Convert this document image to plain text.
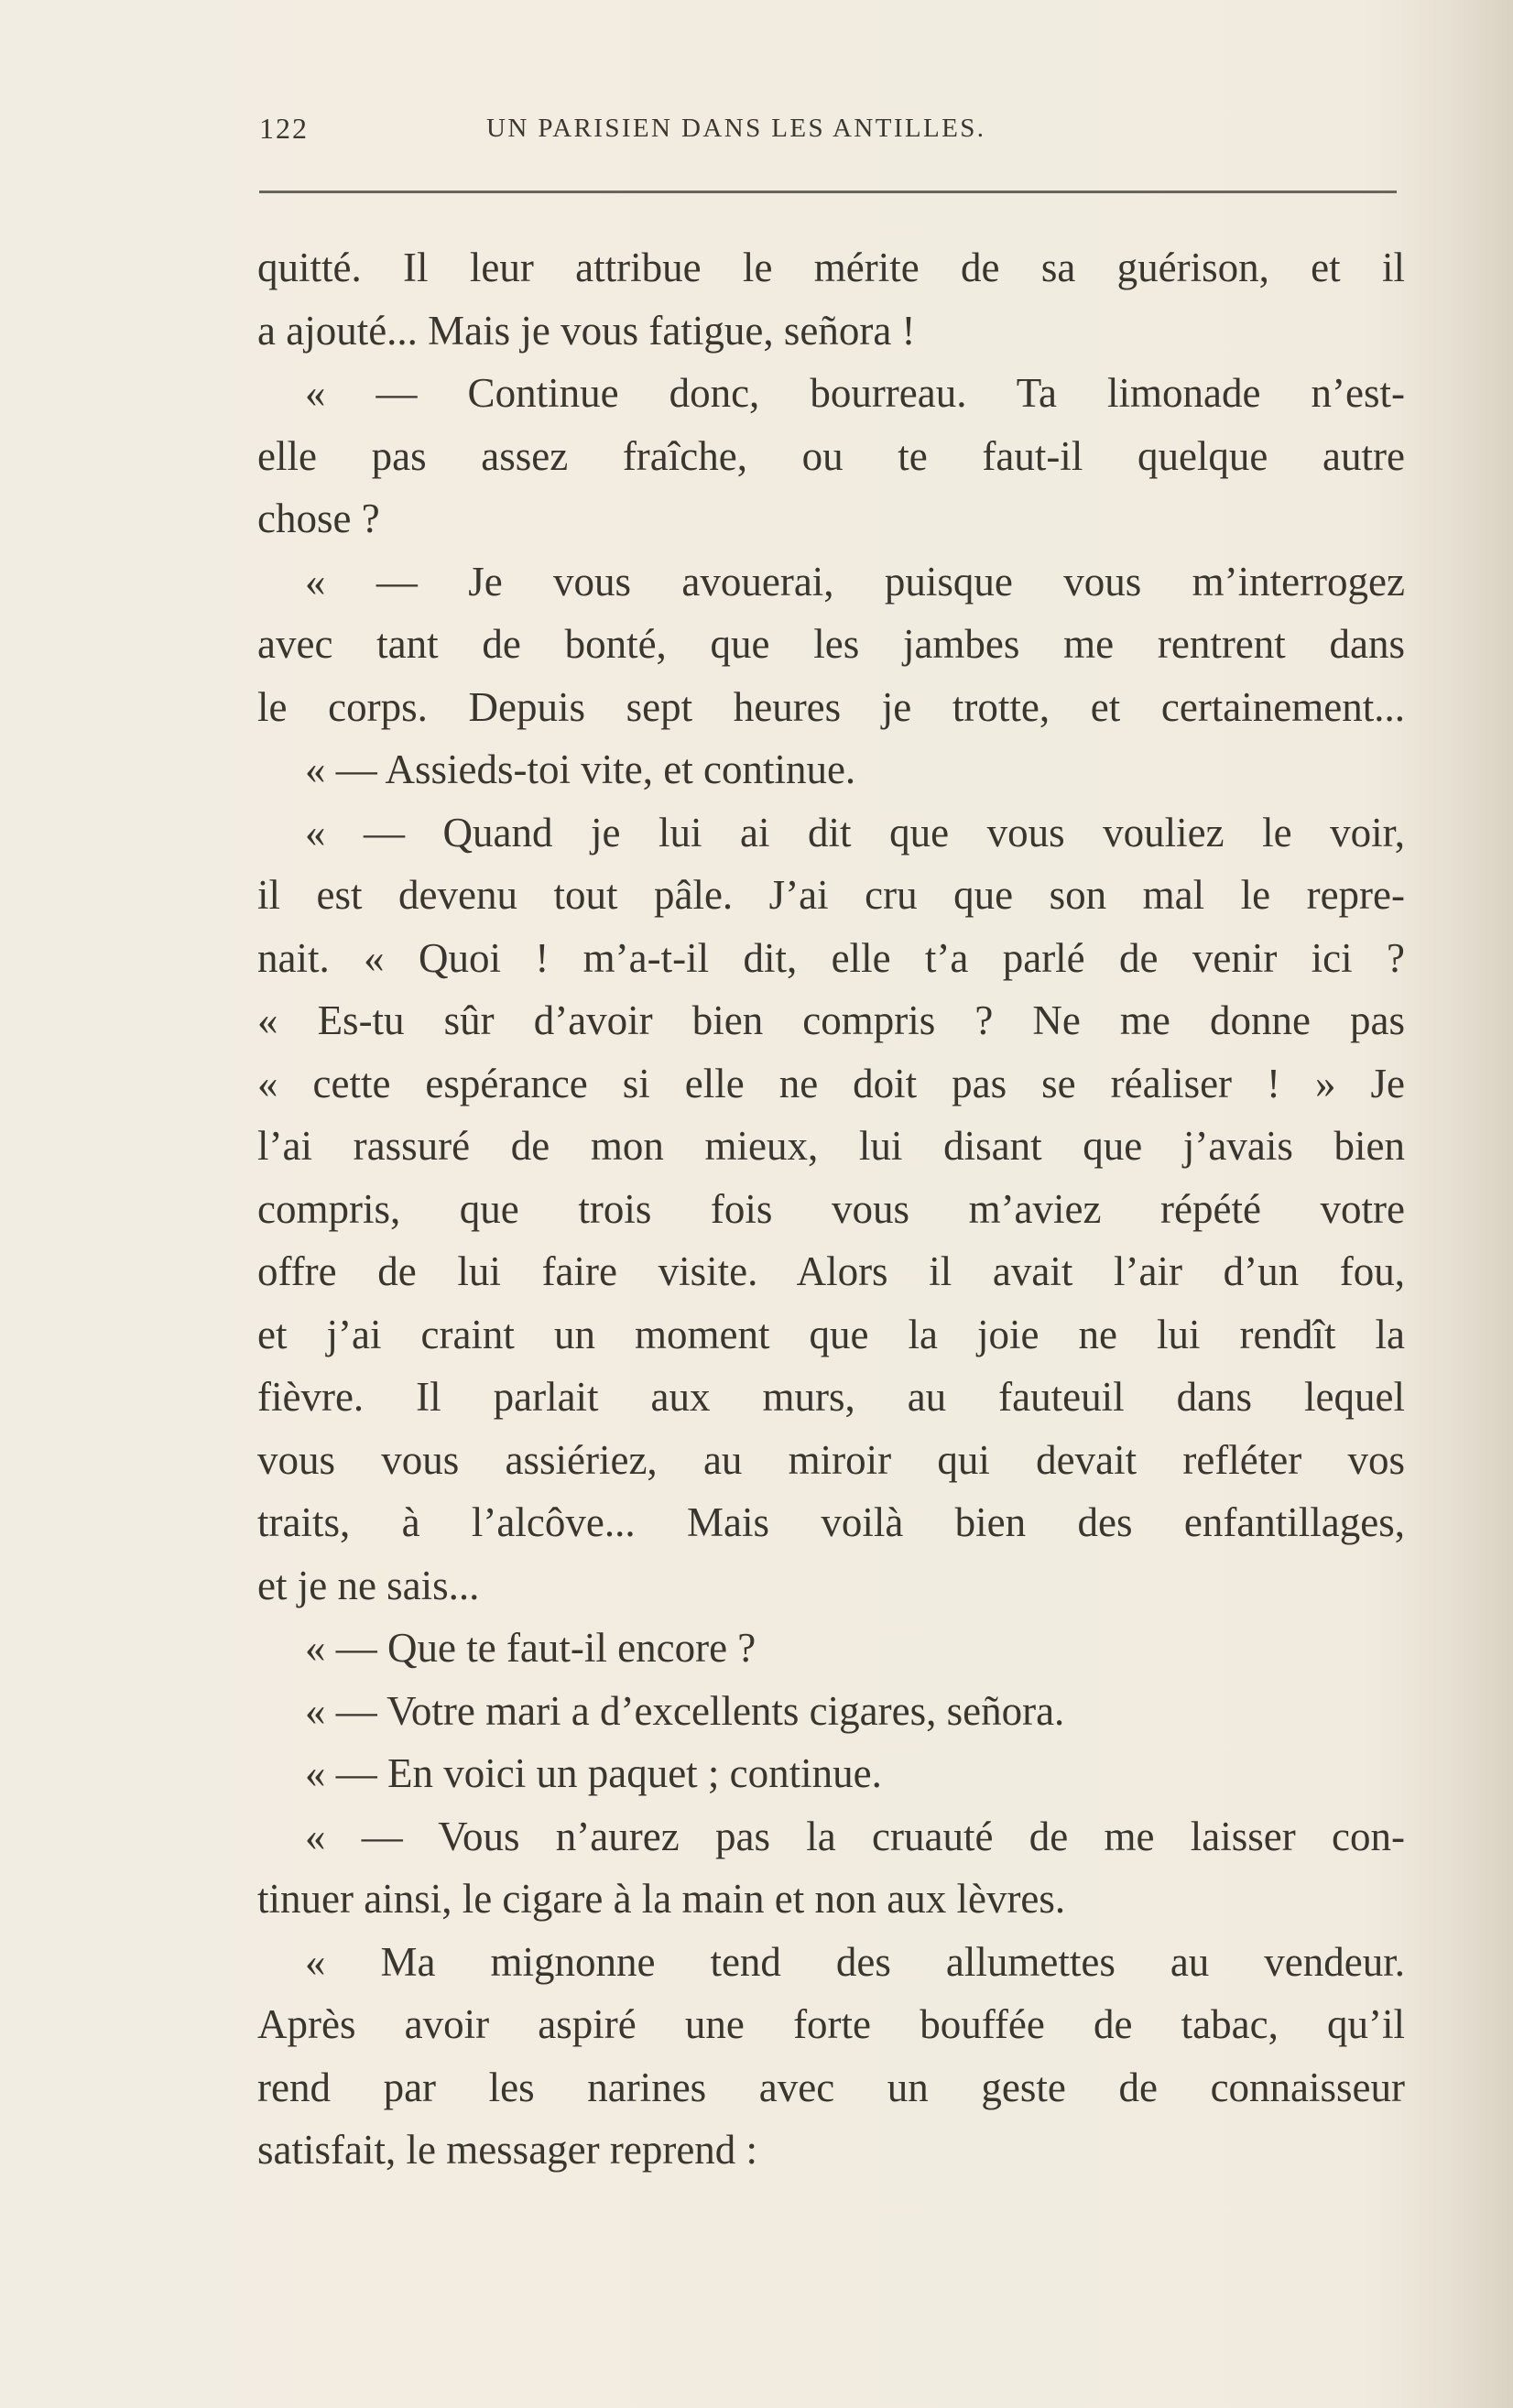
122	UN PARISIEN DANS LES ANTILLES.
quitté. Il leur attribue le mérite de sa guérison, et il
a ajouté... Mais je vous fatigue, señora !
« — Continue donc, bourreau. Ta limonade n’est-
elle pas assez fraîche, ou te faut-il quelque autre
chose ?
« — Je vous avouerai, puisque vous m’interrogez
avec tant de bonté, que les jambes me rentrent dans
le corps. Depuis sept heures je trotte, et certainement...
« — Assieds-toi vite, et continue.
« — Quand je lui ai dit que vous vouliez le voir,
il est devenu tout pâle. J’ai cru que son mal le repre-
nait. « Quoi ! m’a-t-il dit, elle t’a parlé de venir ici ?
« Es-tu sûr d’avoir bien compris ? Ne me donne pas
« cette espérance si elle ne doit pas se réaliser ! » Je
l’ai rassuré de mon mieux, lui disant que j’avais bien
compris, que trois fois vous m’aviez répété votre
offre de lui faire visite. Alors il avait l’air d’un fou,
et j’ai craint un moment que la joie ne lui rendît la
fièvre. Il parlait aux murs, au fauteuil dans lequel
vous vous assiériez, au miroir qui devait refléter vos
traits, à l’alcôve... Mais voilà bien des enfantillages,
et je ne sais...
« — Que te faut-il encore ?
« — Votre mari a d’excellents cigares, señora.
« — En voici un paquet ; continue.
« — Vous n’aurez pas la cruauté de me laisser con-
tinuer ainsi, le cigare à la main et non aux lèvres.
« Ma mignonne tend des allumettes au vendeur.
Après avoir aspiré une forte bouffée de tabac, qu’il
rend par les narines avec un geste de connaisseur
satisfait, le messager reprend :
